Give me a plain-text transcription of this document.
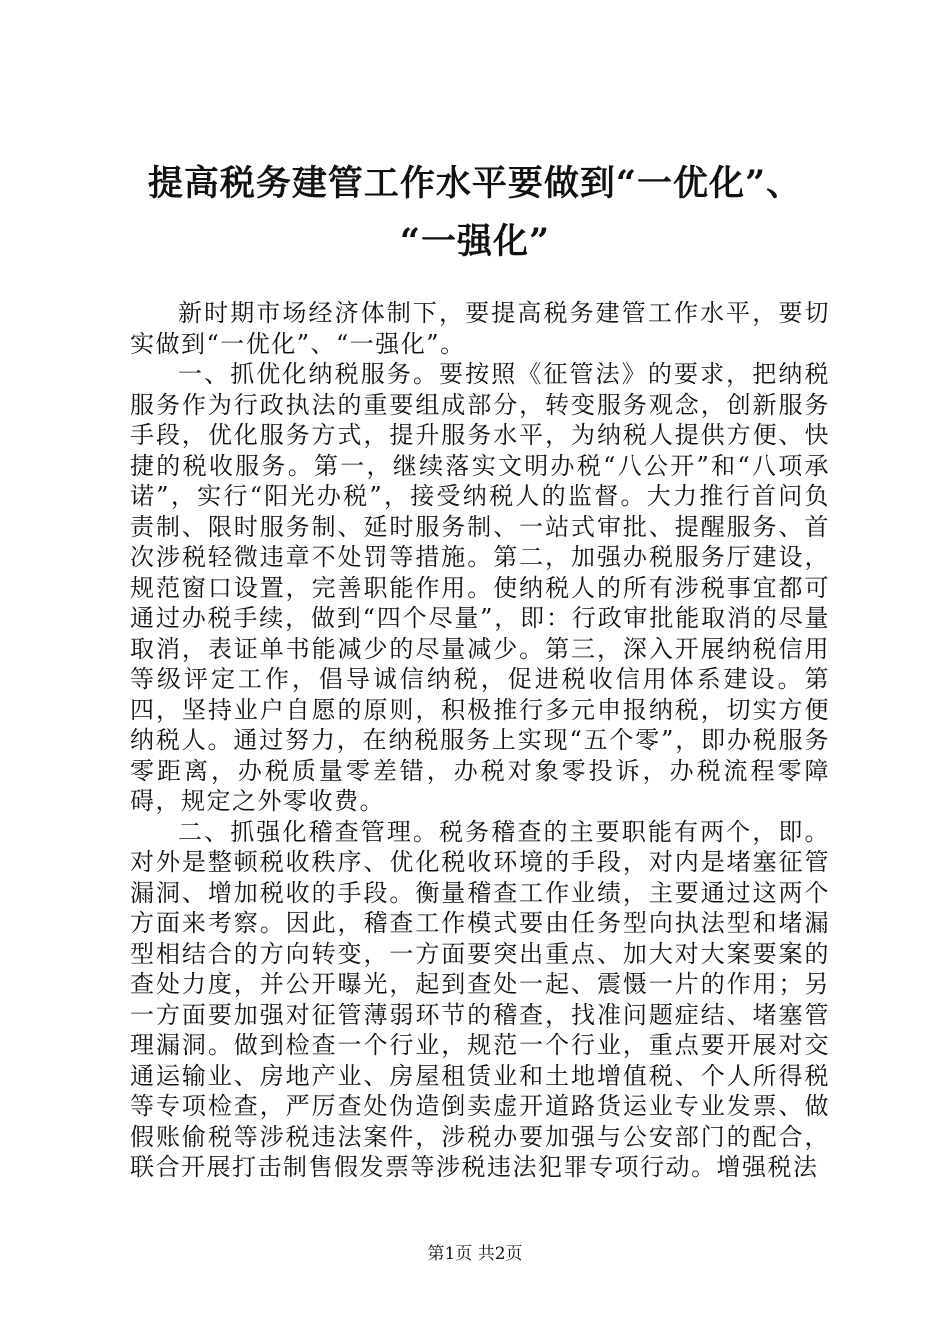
提高税务建管工作水平要做到“一优化”、
“一强化”

新时期市场经济体制下，要提高税务建管工作水平，要切实做到“一优化”、“一强化”。

一、抓优化纳税服务。要按照《征管法》的要求，把纳税服务作为行政执法的重要组成部分，转变服务观念，创新服务手段，优化服务方式，提升服务水平，为纳税人提供方便、快捷的税收服务。第一，继续落实文明办税“八公开”和“八项承诺”，实行“阳光办税”，接受纳税人的监督。大力推行首问负责制、限时服务制、延时服务制、一站式审批、提醒服务、首次涉税轻微违章不处罚等措施。第二，加强办税服务厅建设，规范窗口设置，完善职能作用。使纳税人的所有涉税事宜都可通过办税手续，做到“四个尽量”，即：行政审批能取消的尽量取消，表证单书能减少的尽量减少。第三，深入开展纳税信用等级评定工作，倡导诚信纳税，促进税收信用体系建设。第四，坚持业户自愿的原则，积极推行多元申报纳税，切实方便纳税人。通过努力，在纳税服务上实现“五个零”，即办税服务零距离，办税质量零差错，办税对象零投诉，办税流程零障碍，规定之外零收费。

二、抓强化稽查管理。税务稽查的主要职能有两个，即。对外是整顿税收秩序、优化税收环境的手段，对内是堵塞征管漏洞、增加税收的手段。衡量稽查工作业绩，主要通过这两个方面来考察。因此，稽查工作模式要由任务型向执法型和堵漏型相结合的方向转变，一方面要突出重点、加大对大案要案的查处力度，并公开曝光，起到查处一起、震慑一片的作用；另一方面要加强对征管薄弱环节的稽查，找准问题症结、堵塞管理漏洞。做到检查一个行业，规范一个行业，重点要开展对交通运输业、房地产业、房屋租赁业和土地增值税、个人所得税等专项检查，严厉查处伪造倒卖虚开道路货运业专业发票、做假账偷税等涉税违法案件，涉税办要加强与公安部门的配合，联合开展打击制售假发票等涉税违法犯罪专项行动。增强税法

第1页 共2页
